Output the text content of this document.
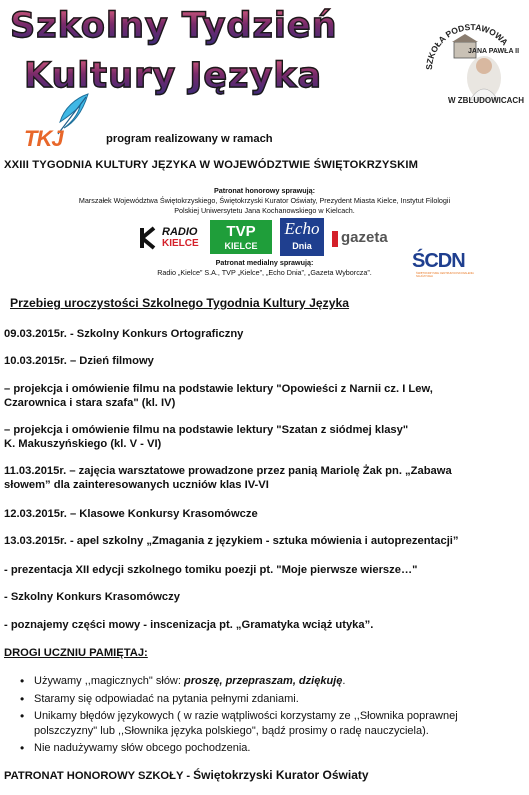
Szkolny Tydzień
Kultury Języka	SZKOŁA PODSTAWOWA
JANA PAWŁA II
W ZBLUDOWICACH
TKJ	program realizowany w ramach
XXIII TYGODNIA KULTURY JĘZYKA W WOJEWÓDZTWIE ŚWIĘTOKRZYSKIM
Patronat honorowy sprawują:
Marszałek Województwa Świętokrzyskiego, Świętokrzyski Kurator Oświaty, Prezydent Miasta Kielce, Instytut Filologii
Polskiej Uniwersytetu Jana Kochanowskiego w Kielcach.
RADIO
KIELCE
TVP
KIELCE
Echo
Dnia	gazeta
Patronat medialny sprawują:
Radio „Kielce” S.A., TVP „Kielce”, „Echo Dnia”, „Gazeta Wyborcza”.
ŚCDN
ŚWIĘTOKRZYSKIE CENTRUM DOSKONALENIA NAUCZYCIELI
Przebieg uroczystości Szkolnego Tygodnia Kultury Języka
09.03.2015r. - Szkolny Konkurs Ortograficzny
10.03.2015r. – Dzień filmowy
– projekcja i omówienie filmu na podstawie lektury "Opowieści z Narnii cz. I Lew,
Czarownica i stara szafa" (kl. IV)
– projekcja i omówienie filmu na podstawie lektury "Szatan z siódmej klasy"
K. Makuszyńskiego (kl. V - VI)
11.03.2015r. – zajęcia warsztatowe prowadzone przez panią Mariolę Żak pn. „Zabawa
słowem” dla zainteresowanych uczniów klas IV-VI
12.03.2015r. – Klasowe Konkursy Krasomówcze
13.03.2015r. - apel szkolny „Zmagania z językiem - sztuka mówienia i autoprezentacji”
- prezentacja XII edycji szkolnego tomiku poezji pt. "Moje pierwsze wiersze…"
- Szkolny Konkurs Krasomówczy
- poznajemy części mowy - inscenizacja pt. „Gramatyka wciąż utyka”.
DROGI UCZNIU PAMIĘTAJ:
• Używamy ,,magicznych" słów: proszę, przepraszam, dziękuję.
• Staramy się odpowiadać na pytania pełnymi zdaniami.
• Unikamy błędów językowych ( w razie wątpliwości korzystamy ze ,,Słownika poprawnej
polszczyzny" lub ,,Słownika języka polskiego", bądź prosimy o radę nauczyciela).
• Nie nadużywamy słów obcego pochodzenia.
PATRONAT HONOROWY SZKOŁY - Świętokrzyski Kurator Oświaty
